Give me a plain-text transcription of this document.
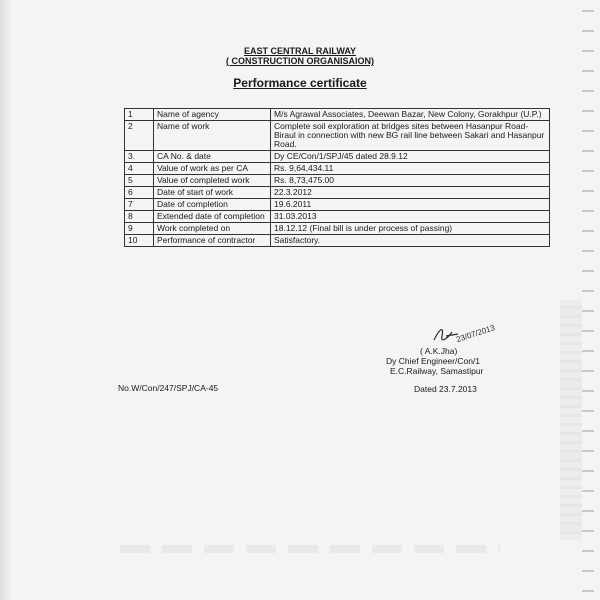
EAST CENTRAL RAILWAY
( CONSTRUCTION ORGANISAION)
Performance certificate
1	Name of agency	M/s Agrawal Associates, Deewan Bazar, New Colony, Gorakhpur (U.P.)
2	Name of work	Complete soil exploration at bridges sites between Hasanpur Road- Biraul in connection with new BG rail line between Sakari and Hasanpur Road.
3.	CA No. & date	Dy CE/Con/1/SPJ/45 dated 28.9.12
4	Value of work as per CA	Rs. 9,64,434.11
5	Value of completed work	Rs. 8,73,475.00
6	Date of start of work	22.3.2012
7	Date of completion	19.6.2011
8	Extended date of completion	31.03.2013
9	Work completed on	18.12.12 (Final bill is under process of passing)
10	Performance of contractor	Satisfactory.
23/07/2013
( A.K.Jha)
Dy Chief Engineer/Con/1
E.C.Railway, Samastipur
No.W/Con/247/SPJ/CA-45	Dated 23.7.2013
